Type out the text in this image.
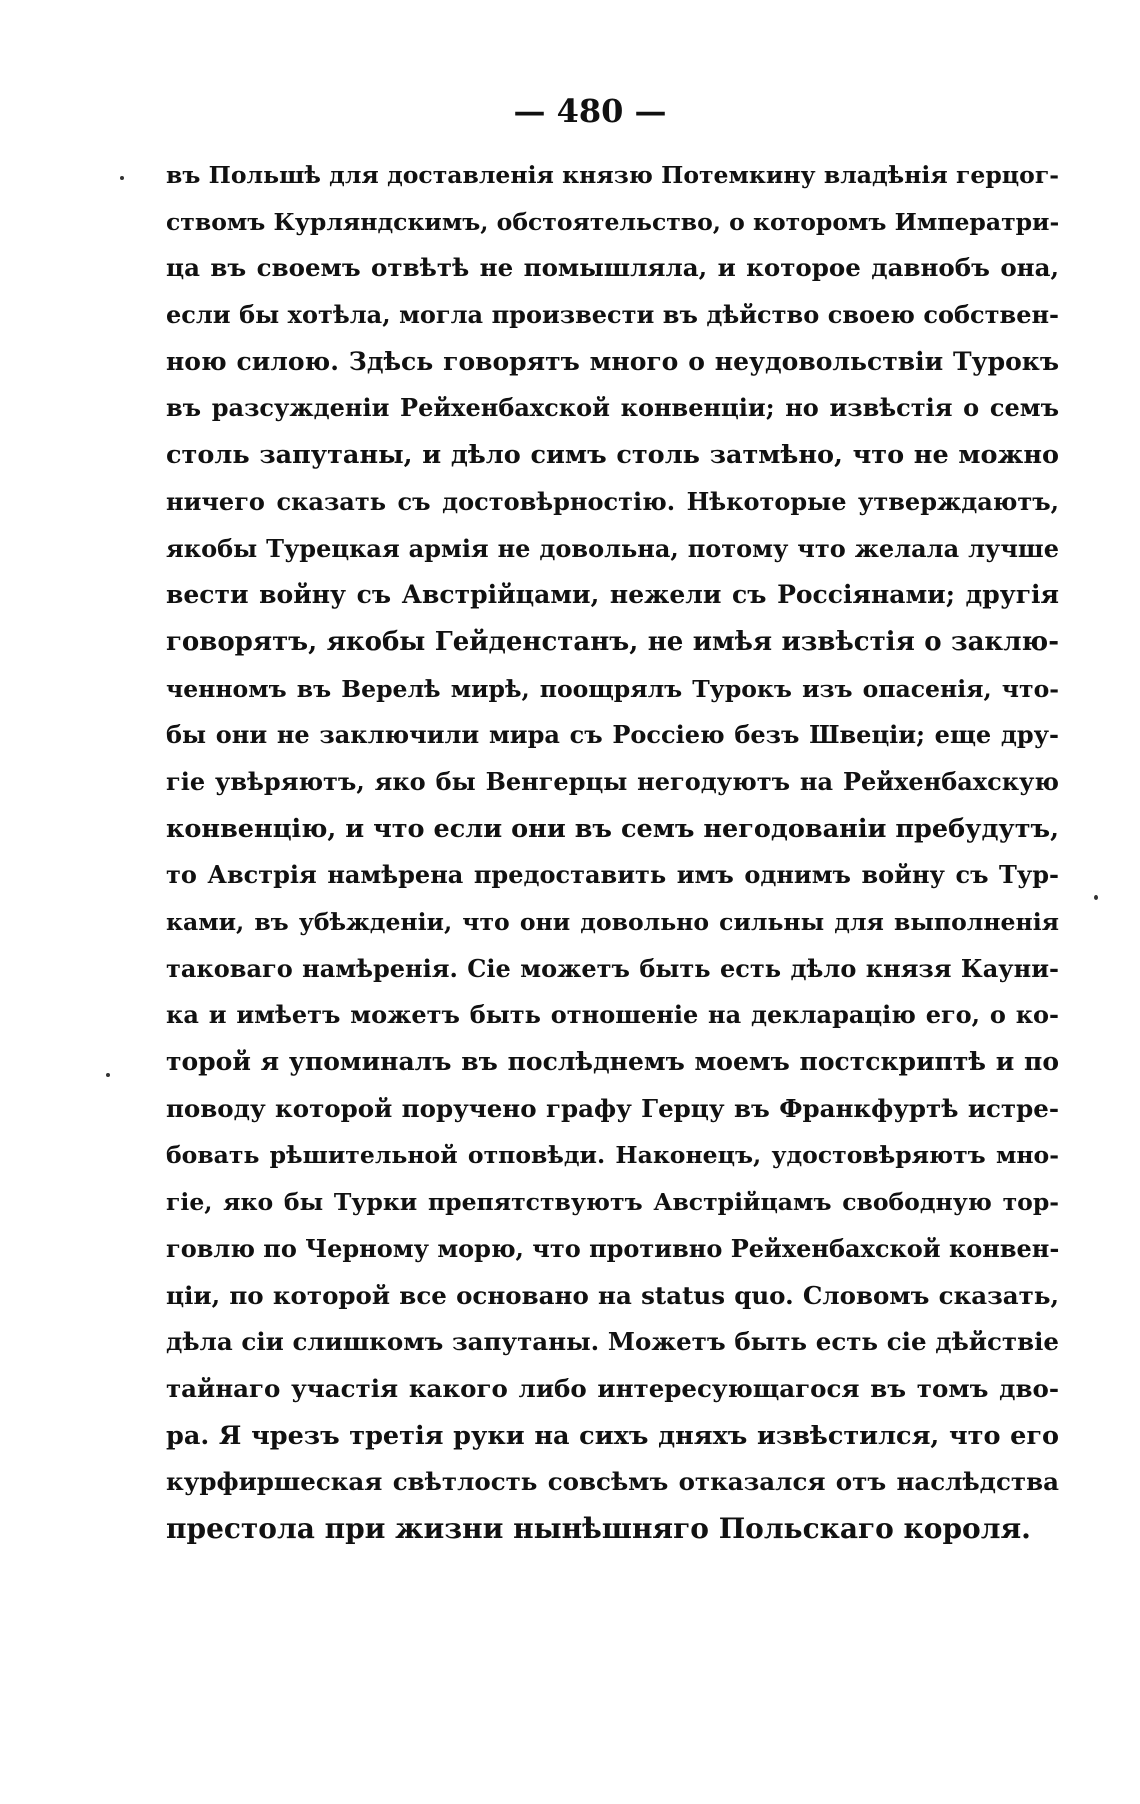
— 480 —
въ Польшѣ для доставленія князю Потемкину владѣнія герцог-
ствомъ Курляндскимъ, обстоятельство, о которомъ Императри-
ца въ своемъ отвѣтѣ не помышляла, и которое давнобъ она,
если бы хотѣла, могла произвести въ дѣйство своею собствен-
ною силою. Здѣсь говорятъ много о неудовольствіи Турокъ
въ разсужденіи Рейхенбахской конвенціи; но извѣстія о семъ
столь запутаны, и дѣло симъ столь затмѣно, что не можно
ничего сказать съ достовѣрностію. Нѣкоторые утверждаютъ,
якобы Турецкая армія не довольна, потому что желала лучше
вести войну съ Австрійцами, нежели съ Россіянами; другія
говорятъ, якобы Гейденстанъ, не имѣя извѣстія о заклю-
ченномъ въ Верелѣ мирѣ, поощрялъ Турокъ изъ опасенія, что-
бы они не заключили мира съ Россіею безъ Швеціи; еще дру-
гіе увѣряютъ, яко бы Венгерцы негодуютъ на Рейхенбахскую
конвенцію, и что если они въ семъ негодованіи пребудутъ,
то Австрія намѣрена предоставить имъ однимъ войну съ Тур-
ками, въ убѣжденіи, что они довольно сильны для выполненія
таковаго намѣренія. Сіе можетъ быть есть дѣло князя Кауни-
ка и имѣетъ можетъ быть отношеніе на декларацію его, о ко-
торой я упоминалъ въ послѣднемъ моемъ постскриптѣ и по
поводу которой поручено графу Герцу въ Франкфуртѣ истре-
бовать рѣшительной отповѣди. Наконецъ, удостовѣряютъ мно-
гіе, яко бы Турки препятствуютъ Австрійцамъ свободную тор-
говлю по Черному морю, что противно Рейхенбахской конвен-
ціи, по которой все основано на status quo. Словомъ сказать,
дѣла сіи слишкомъ запутаны. Можетъ быть есть сіе дѣйствіе
тайнаго участія какого либо интересующагося въ томъ дво-
ра. Я чрезъ третія руки на сихъ дняхъ извѣстился, что его
курфиршеская свѣтлость совсѣмъ отказался отъ наслѣдства
престола при жизни нынѣшняго Польскаго короля.
